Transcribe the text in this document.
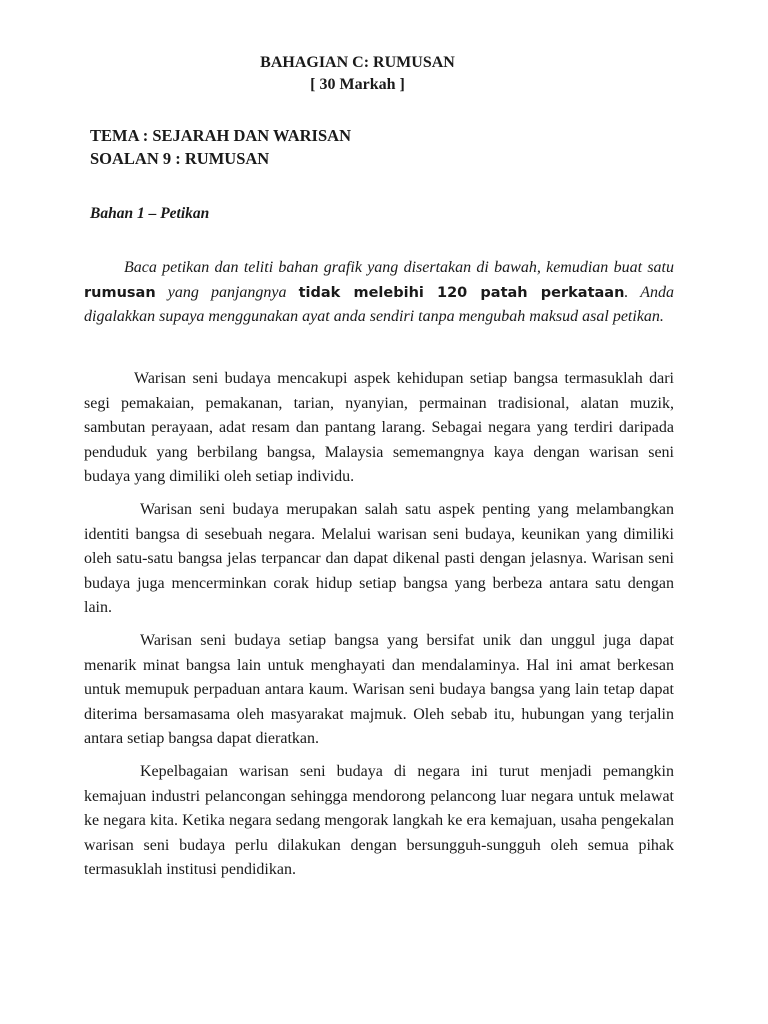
BAHAGIAN C: RUMUSAN
[ 30 Markah ]
TEMA : SEJARAH DAN WARISAN
SOALAN 9 : RUMUSAN
Bahan 1 – Petikan

Baca petikan dan teliti bahan grafik yang disertakan di bawah, kemudian buat satu rumusan yang panjangnya tidak melebihi 120 patah perkataan. Anda digalakkan supaya menggunakan ayat anda sendiri tanpa mengubah maksud asal petikan.

Warisan seni budaya mencakupi aspek kehidupan setiap bangsa termasuklah dari segi pemakaian, pemakanan, tarian, nyanyian, permainan tradisional, alatan muzik, sambutan perayaan, adat resam dan pantang larang. Sebagai negara yang terdiri daripada penduduk yang berbilang bangsa, Malaysia sememangnya kaya dengan warisan seni budaya yang dimiliki oleh setiap individu.

Warisan seni budaya merupakan salah satu aspek penting yang melambangkan identiti bangsa di sesebuah negara. Melalui warisan seni budaya, keunikan yang dimiliki oleh satu-satu bangsa jelas terpancar dan dapat dikenal pasti dengan jelasnya. Warisan seni budaya juga mencerminkan corak hidup setiap bangsa yang berbeza antara satu dengan lain.

Warisan seni budaya setiap bangsa yang bersifat unik dan unggul juga dapat menarik minat bangsa lain untuk menghayati dan mendalaminya. Hal ini amat berkesan untuk memupuk perpaduan antara kaum. Warisan seni budaya bangsa yang lain tetap dapat diterima bersamasama oleh masyarakat majmuk. Oleh sebab itu, hubungan yang terjalin antara setiap bangsa dapat dieratkan.

Kepelbagaian warisan seni budaya di negara ini turut menjadi pemangkin kemajuan industri pelancongan sehingga mendorong pelancong luar negara untuk melawat ke negara kita. Ketika negara sedang mengorak langkah ke era kemajuan, usaha pengekalan warisan seni budaya perlu dilakukan dengan bersungguh-sungguh oleh semua pihak termasuklah institusi pendidikan.
